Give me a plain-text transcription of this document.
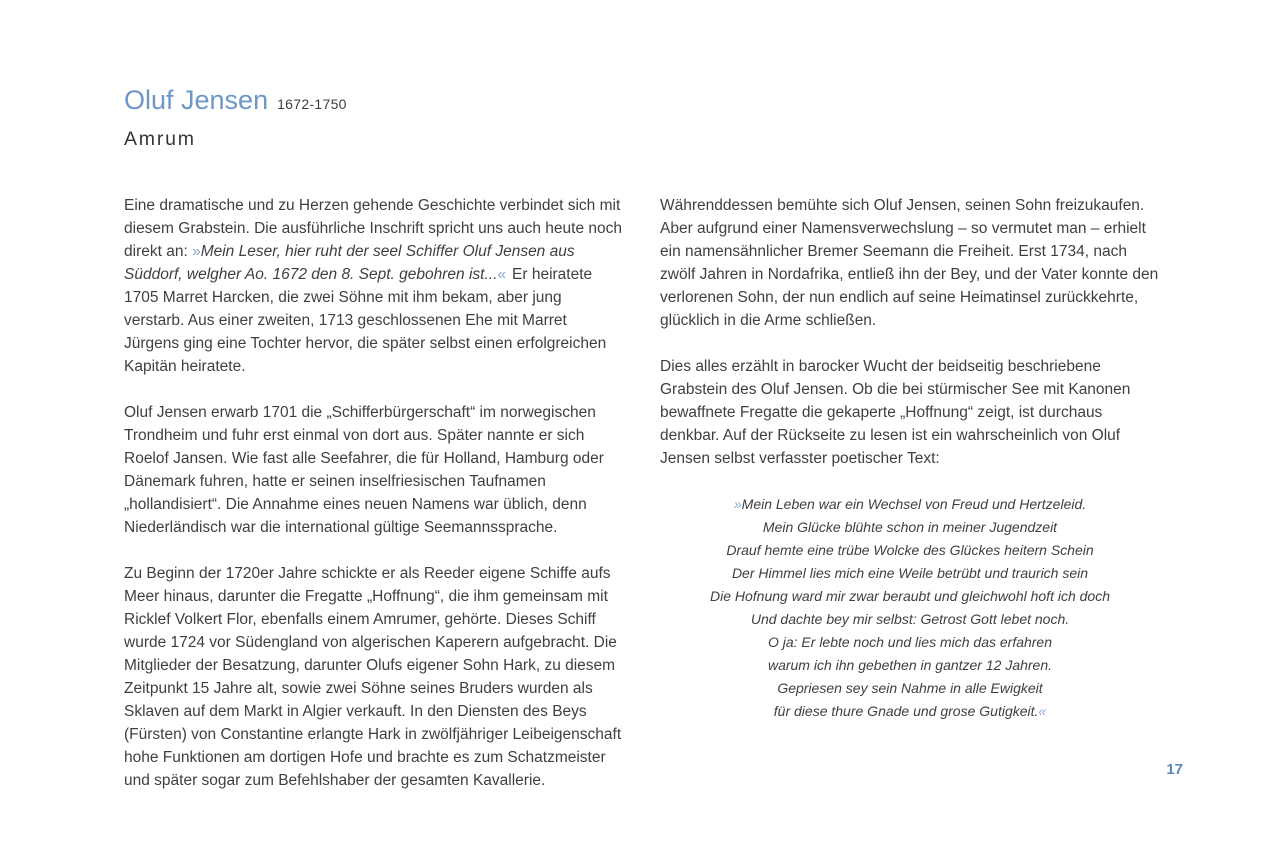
Oluf Jensen 1672-1750
Amrum

Eine dramatische und zu Herzen gehende Geschichte verbindet sich mit diesem Grabstein. Die ausführliche Inschrift spricht uns auch heute noch direkt an: »Mein Leser, hier ruht der seel Schiffer Oluf Jensen aus Süddorf, welgher Ao. 1672 den 8. Sept. gebohren ist...« Er heiratete 1705 Marret Harcken, die zwei Söhne mit ihm bekam, aber jung verstarb. Aus einer zweiten, 1713 geschlossenen Ehe mit Marret Jürgens ging eine Tochter hervor, die später selbst einen erfolgreichen Kapitän heiratete.

Oluf Jensen erwarb 1701 die „Schifferbürgerschaft“ im norwegischen Trondheim und fuhr erst einmal von dort aus. Später nannte er sich Roelof Jansen. Wie fast alle Seefahrer, die für Holland, Hamburg oder Dänemark fuhren, hatte er seinen inselfriesischen Taufnamen „hollandisiert“. Die Annahme eines neuen Namens war üblich, denn Niederländisch war die international gültige Seemannssprache.

Zu Beginn der 1720er Jahre schickte er als Reeder eigene Schiffe aufs Meer hinaus, darunter die Fregatte „Hoffnung“, die ihm gemeinsam mit Ricklef Volkert Flor, ebenfalls einem Amrumer, gehörte. Dieses Schiff wurde 1724 vor Südengland von algerischen Kaperern aufgebracht. Die Mitglieder der Besatzung, darunter Olufs eigener Sohn Hark, zu diesem Zeitpunkt 15 Jahre alt, sowie zwei Söhne seines Bruders wurden als Sklaven auf dem Markt in Algier verkauft. In den Diensten des Beys (Fürsten) von Constantine erlangte Hark in zwölfjähriger Leibeigenschaft hohe Funktionen am dortigen Hofe und brachte es zum Schatzmeister und später sogar zum Befehlshaber der gesamten Kavallerie.

Währenddessen bemühte sich Oluf Jensen, seinen Sohn freizukaufen. Aber aufgrund einer Namensverwechslung – so vermutet man – erhielt ein namensähnlicher Bremer Seemann die Freiheit. Erst 1734, nach zwölf Jahren in Nordafrika, entließ ihn der Bey, und der Vater konnte den verlorenen Sohn, der nun endlich auf seine Heimatinsel zurückkehrte, glücklich in die Arme schließen.

Dies alles erzählt in barocker Wucht der beidseitig beschriebene Grabstein des Oluf Jensen. Ob die bei stürmischer See mit Kanonen bewaffnete Fregatte die gekaperte „Hoffnung“ zeigt, ist durchaus denkbar. Auf der Rückseite zu lesen ist ein wahrscheinlich von Oluf Jensen selbst verfasster poetischer Text:

»Mein Leben war ein Wechsel von Freud und Hertzeleid.
Mein Glücke blühte schon in meiner Jugendzeit
Drauf hemte eine trübe Wolcke des Glückes heitern Schein
Der Himmel lies mich eine Weile betrübt und traurich sein
Die Hofnung ward mir zwar beraubt und gleichwohl hoft ich doch
Und dachte bey mir selbst: Getrost Gott lebet noch.
O ja: Er lebte noch und lies mich das erfahren
warum ich ihn gebethen in gantzer 12 Jahren.
Gepriesen sey sein Nahme in alle Ewigkeit
für diese thure Gnade und grose Gutigkeit.«
17
